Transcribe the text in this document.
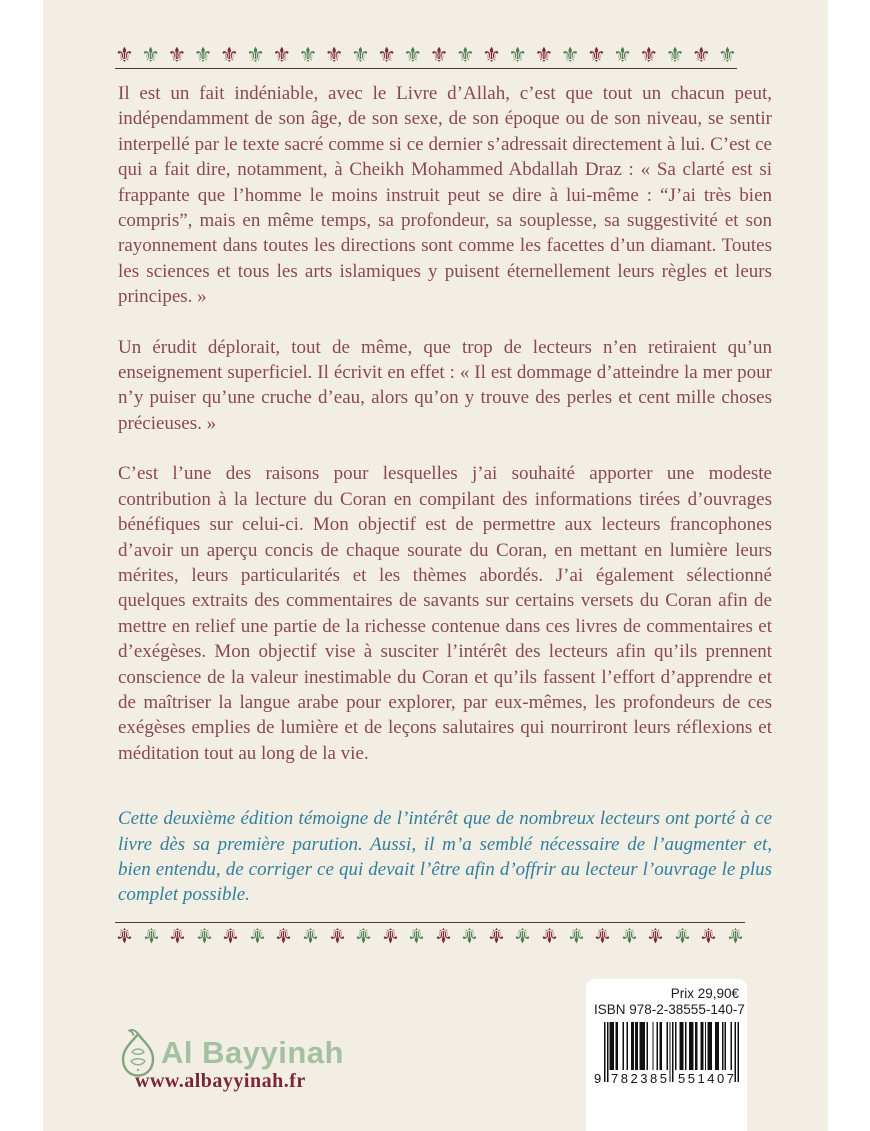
⚜ ⚜ ⚜ ⚜ ⚜ ⚜ ⚜ ⚜ ⚜ ⚜ ⚜ ⚜ ⚜ ⚜ ⚜ ⚜ ⚜ ⚜ ⚜ ⚜ ⚜ ⚜ ⚜ ⚜

Il est un fait indéniable, avec le Livre d’Allah, c’est que tout un chacun peut, indépendamment de son âge, de son sexe, de son époque ou de son niveau, se sentir interpellé par le texte sacré comme si ce dernier s’adressait directement à lui. C’est ce qui a fait dire, notamment, à Cheikh Mohammed Abdallah Draz : « Sa clarté est si frappante que l’homme le moins instruit peut se dire à lui-même : “J’ai très bien compris”, mais en même temps, sa profondeur, sa souplesse, sa suggestivité et son rayonnement dans toutes les directions sont comme les facettes d’un diamant. Toutes les sciences et tous les arts islamiques y puisent éternellement leurs règles et leurs principes. »

Un érudit déplorait, tout de même, que trop de lecteurs n’en retiraient qu’un enseignement superficiel. Il écrivit en effet : « Il est dommage d’atteindre la mer pour n’y puiser qu’une cruche d’eau, alors qu’on y trouve des perles et cent mille choses précieuses. »

C’est l’une des raisons pour lesquelles j’ai souhaité apporter une modeste contribution à la lecture du Coran en compilant des informations tirées d’ouvrages bénéfiques sur celui-ci. Mon objectif est de permettre aux lecteurs francophones d’avoir un aperçu concis de chaque sourate du Coran, en mettant en lumière leurs mérites, leurs particularités et les thèmes abordés. J’ai également sélectionné quelques extraits des commentaires de savants sur certains versets du Coran afin de mettre en relief une partie de la richesse contenue dans ces livres de commentaires et d’exégèses. Mon objectif vise à susciter l’intérêt des lecteurs afin qu’ils prennent conscience de la valeur inestimable du Coran et qu’ils fassent l’effort d’apprendre et de maîtriser la langue arabe pour explorer, par eux-mêmes, les profondeurs de ces exégèses emplies de lumière et de leçons salutaires qui nourriront leurs réflexions et méditation tout au long de la vie.

Cette deuxième édition témoigne de l’intérêt que de nombreux lecteurs ont porté à ce livre dès sa première parution. Aussi, il m’a semblé nécessaire de l’augmenter et, bien entendu, de corriger ce qui devait l’être afin d’offrir au lecteur l’ouvrage le plus complet possible.

⚜ ⚜ ⚜ ⚜ ⚜ ⚜ ⚜ ⚜ ⚜ ⚜ ⚜ ⚜ ⚜ ⚜ ⚜ ⚜ ⚜ ⚜ ⚜ ⚜ ⚜ ⚜ ⚜ ⚜
Al Bayyinah
www.albayyinah.fr
Prix 29,90€
ISBN 978-2-38555-140-7
9 782385 551407
